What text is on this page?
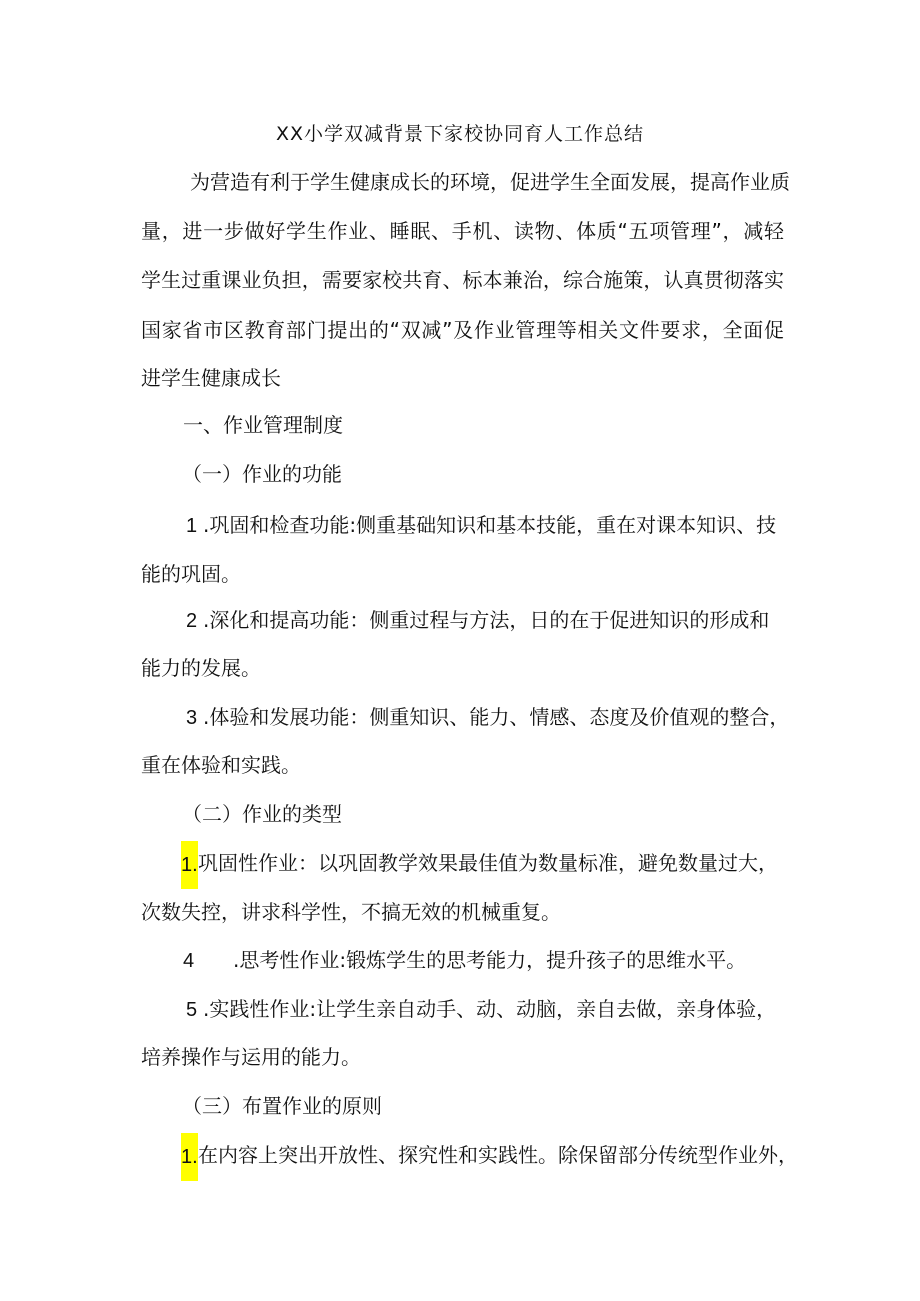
XX小学双减背景下家校协同育人工作总结
为营造有利于学生健康成长的环境，促进学生全面发展，提高作业质
量，进一步做好学生作业、睡眠、手机、读物、体质“五项管理”，减轻
学生过重课业负担，需要家校共育、标本兼治，综合施策，认真贯彻落实
国家省市区教育部门提出的“双减”及作业管理等相关文件要求，全面促
进学生健康成长
一、作业管理制度
（一）作业的功能
1 .巩固和检查功能:侧重基础知识和基本技能，重在对课本知识、技
能的巩固。
2 .深化和提高功能：侧重过程与方法，日的在于促进知识的形成和
能力的发展。
3 .体验和发展功能：侧重知识、能力、情感、态度及价值观的整合，
重在体验和实践。
（二）作业的类型
1.巩固性作业：以巩固教学效果最佳值为数量标准，避免数量过大，
次数失控，讲求科学性，不搞无效的机械重复。
4 .思考性作业:锻炼学生的思考能力，提升孩子的思维水平。
5 .实践性作业:让学生亲自动手、动、动脑，亲自去做，亲身体验，
培养操作与运用的能力。
（三）布置作业的原则
1.在内容上突出开放性、探究性和实践性。除保留部分传统型作业外，
